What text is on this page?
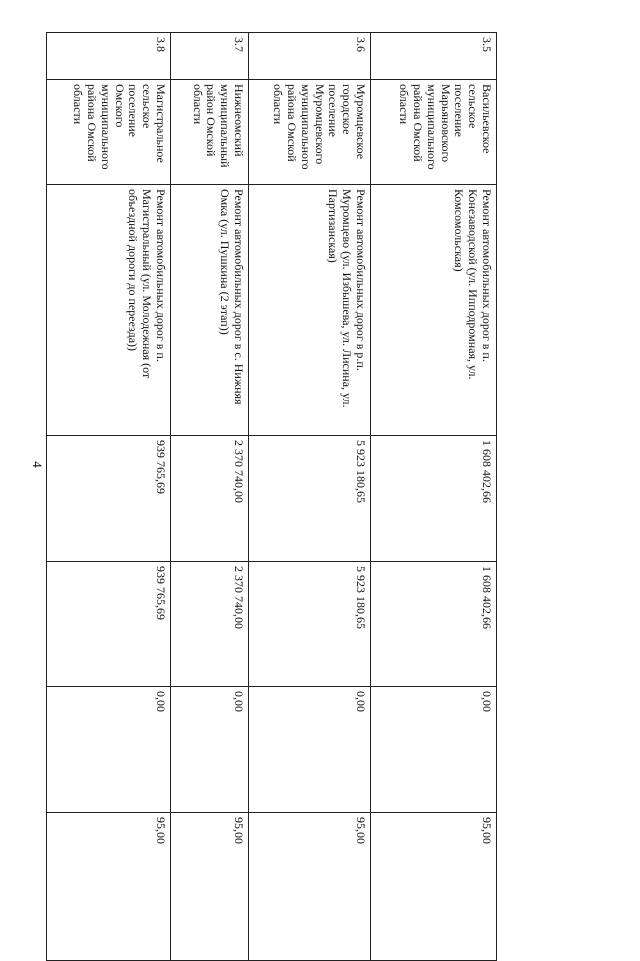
4
3.5	Васильевское сельское поселение Марьяновского муниципального района Омской области	Ремонт автомобильных дорог в п. Конезаводской (ул. Ипподромная, ул. Комсомольская)	1 608 402,66	1 608 402,66	0,00	95,00
3.6	Муромцевское городское поселение Муромцевского муниципального района Омской области	Ремонт автомобильных дорог в р.п. Муромцево (ул. Избышева, ул. Лисина, ул. Партизанская)	5 923 180,65	5 923 180,65	0,00	95,00
3.7	Нижнеомский муниципальный район Омской области	Ремонт автомобильных дорог в с. Нижняя Омка (ул. Пушкина (2 этап))	2 370 740,00	2 370 740,00	0,00	95,00
3.8	Магистральное сельское поселение Омского муниципального района Омской области	Ремонт автомобильных дорог в п. Магистральный (ул. Молодежная (от объездной дороги до переезда))	939 765,69	939 765,69	0,00	95,00
